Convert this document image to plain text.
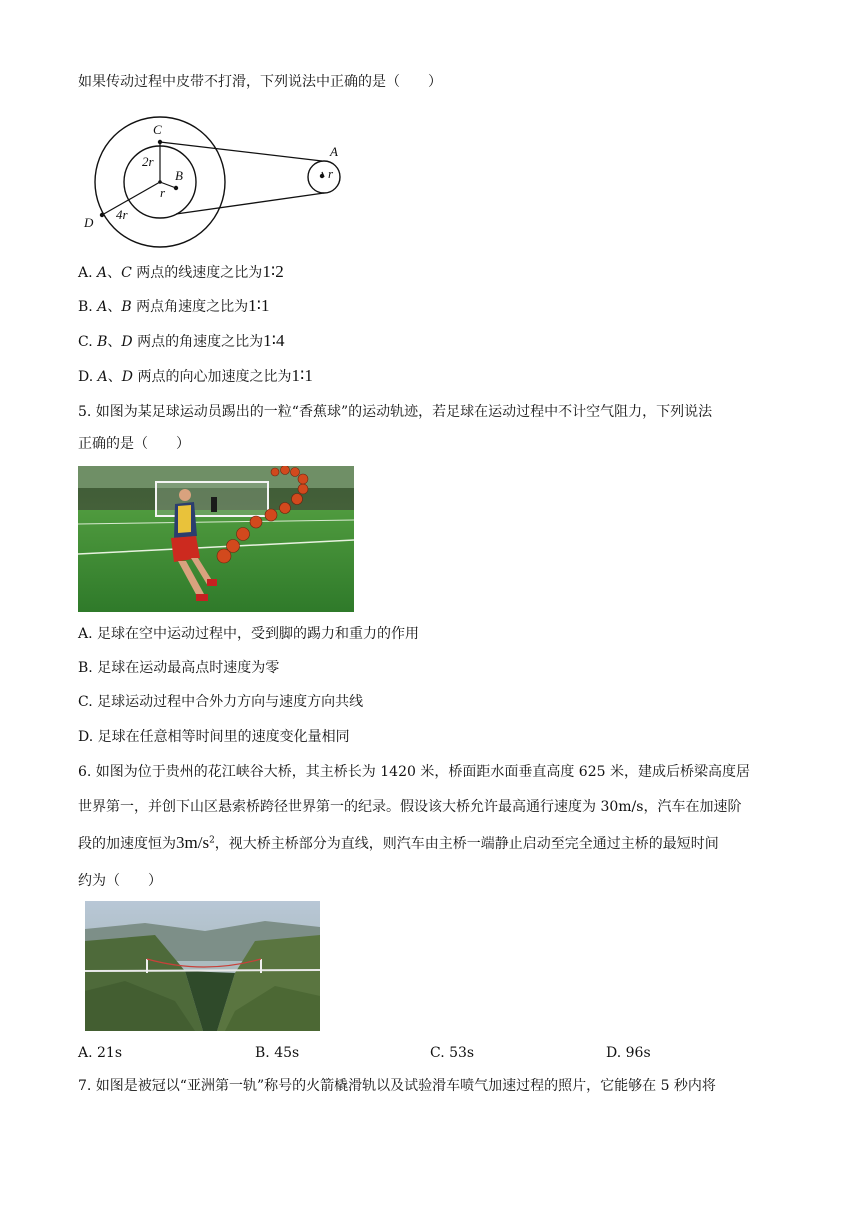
如果传动过程中皮带不打滑，下列说法中正确的是（　　）
C
2r
B
r
A
r
4r
D
A. A、C 两点的线速度之比为1∶2
B. A、B 两点角速度之比为1∶1
C. B、D 两点的角速度之比为1∶4
D. A、D 两点的向心加速度之比为1∶1
5. 如图为某足球运动员踢出的一粒“香蕉球”的运动轨迹，若足球在运动过程中不计空气阻力，下列说法
正确的是（　　）
A. 足球在空中运动过程中，受到脚的踢力和重力的作用
B. 足球在运动最高点时速度为零
C. 足球运动过程中合外力方向与速度方向共线
D. 足球在任意相等时间里的速度变化量相同
6. 如图为位于贵州的花江峡谷大桥，其主桥长为 1420 米，桥面距水面垂直高度 625 米，建成后桥梁高度居
世界第一，并创下山区悬索桥跨径世界第一的纪录。假设该大桥允许最高通行速度为 30m/s，汽车在加速阶
段的加速度恒为$3m/s^2$，视大桥主桥部分为直线，则汽车由主桥一端静止启动至完全通过主桥的最短时间
约为（　　）
A. 21s	B. 45s	C. 53s	D. 96s
7. 如图是被冠以“亚洲第一轨”称号的火箭橇滑轨以及试验滑车喷气加速过程的照片，它能够在 5 秒内将
